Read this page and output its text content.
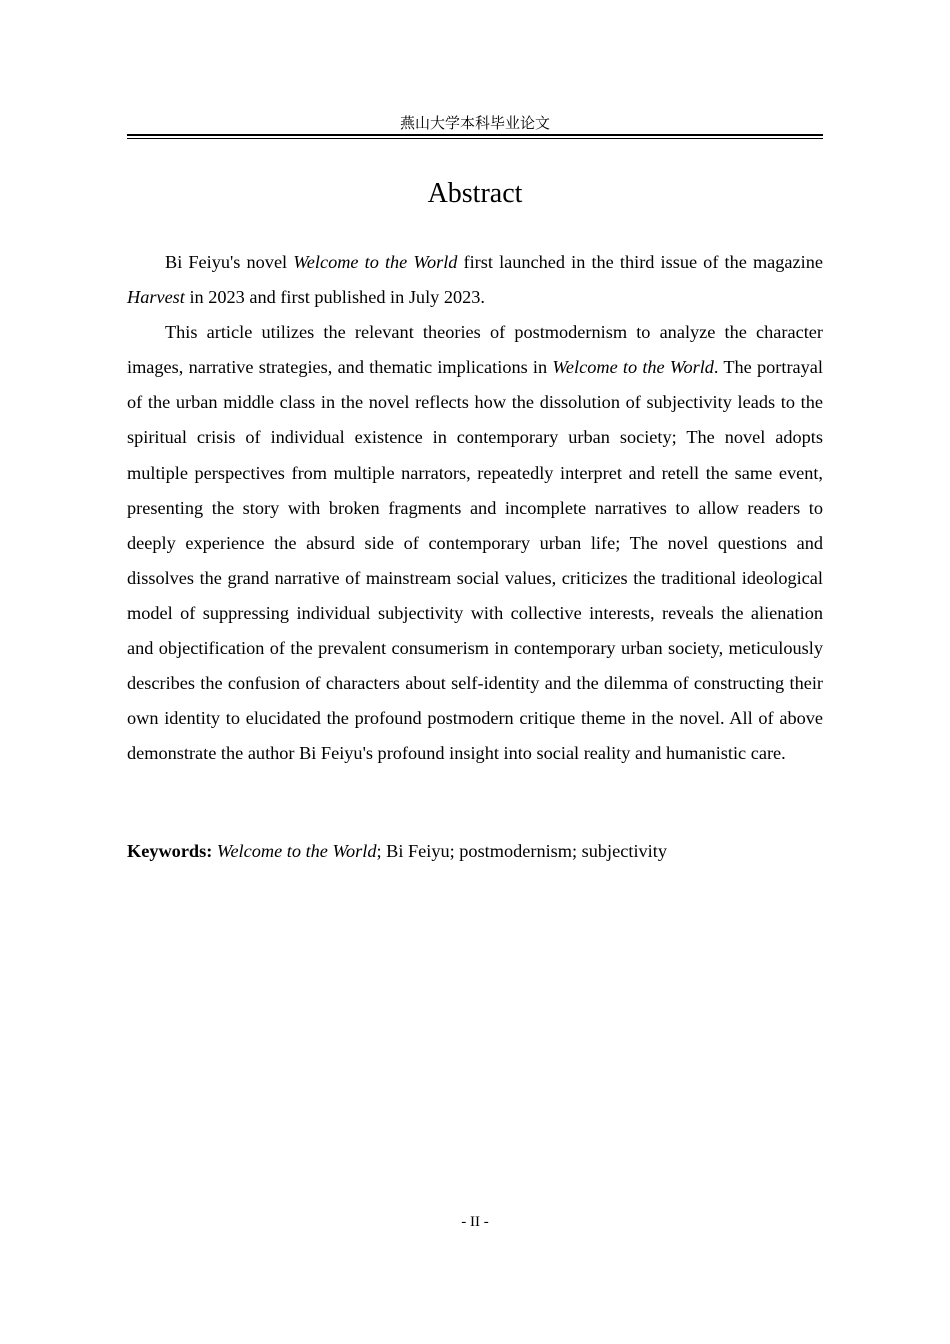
燕山大学本科毕业论文
Abstract

Bi Feiyu's novel Welcome to the World first launched in the third issue of the magazine Harvest in 2023 and first published in July 2023.

This article utilizes the relevant theories of postmodernism to analyze the character images, narrative strategies, and thematic implications in Welcome to the World. The portrayal of the urban middle class in the novel reflects how the dissolution of subjectivity leads to the spiritual crisis of individual existence in contemporary urban society; The novel adopts multiple perspectives from multiple narrators, repeatedly interpret and retell the same event, presenting the story with broken fragments and incomplete narratives to allow readers to deeply experience the absurd side of contemporary urban life; The novel questions and dissolves the grand narrative of mainstream social values, criticizes the traditional ideological model of suppressing individual subjectivity with collective interests, reveals the alienation and objectification of the prevalent consumerism in contemporary urban society, meticulously describes the confusion of characters about self-identity and the dilemma of constructing their own identity to elucidated the profound postmodern critique theme in the novel. All of above demonstrate the author Bi Feiyu's profound insight into social reality and humanistic care.

Keywords: Welcome to the World; Bi Feiyu; postmodernism; subjectivity
- II -
